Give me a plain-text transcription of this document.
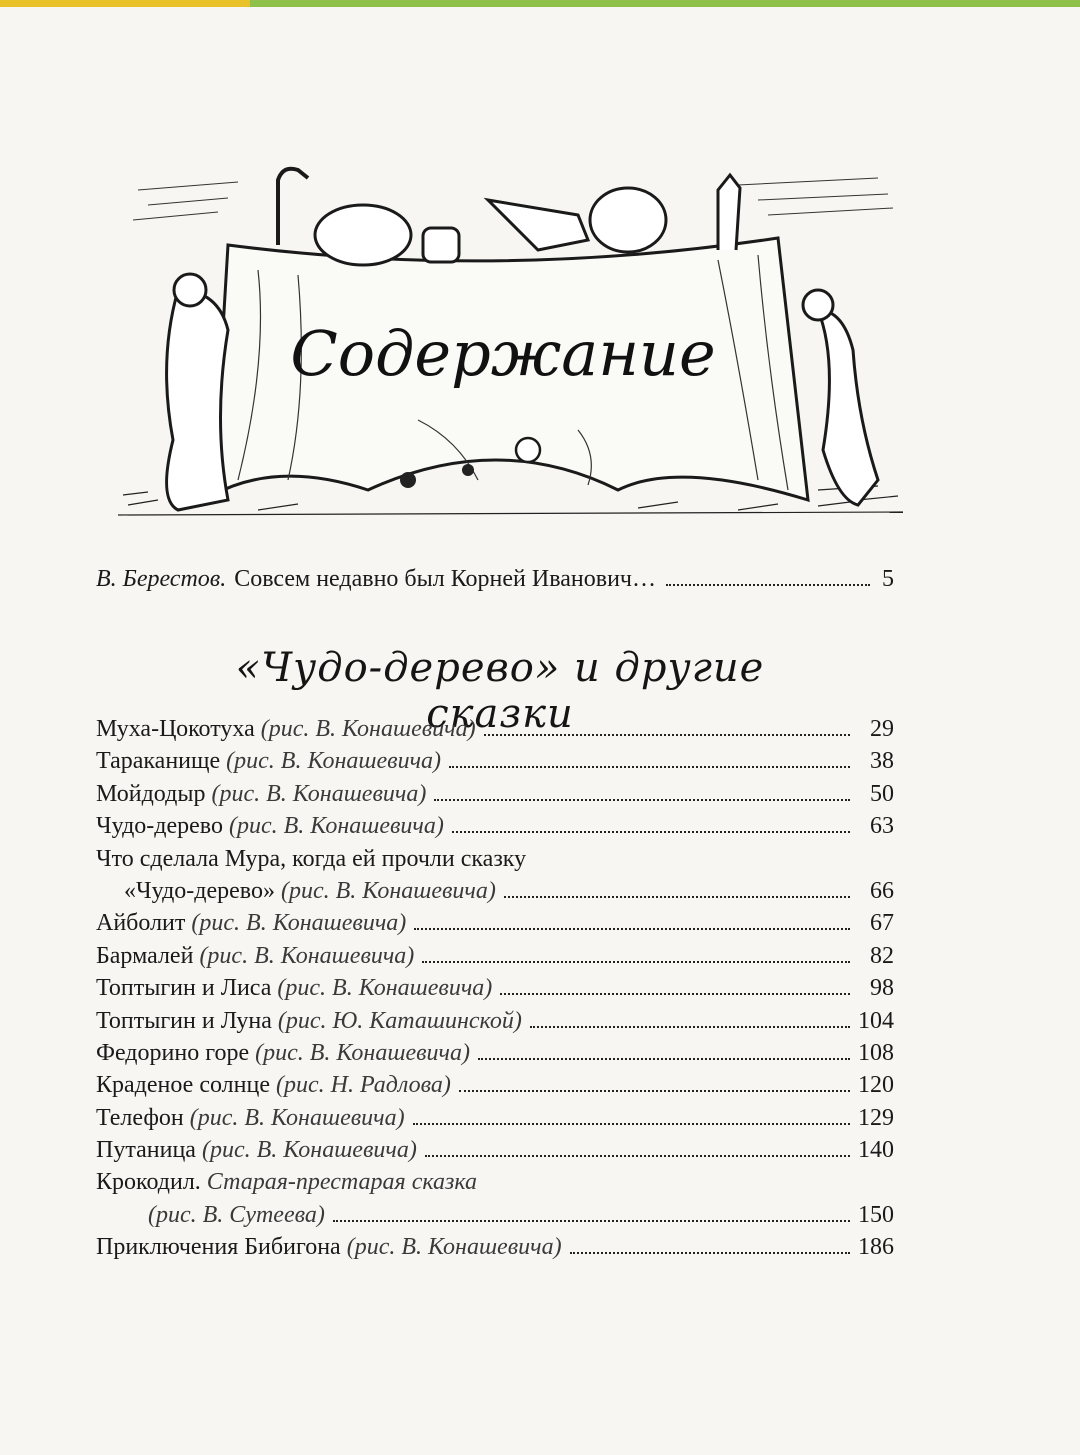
Содержание
В. Берестов. Совсем недавно был Корней Иванович…	5
«Чудо-дерево» и другие сказки
Муха-Цокотуха (рис. В. Конашевича)	29
Тараканище (рис. В. Конашевича)	38
Мойдодыр (рис. В. Конашевича)	50
Чудо-дерево (рис. В. Конашевича)	63
Что сделала Мура, когда ей прочли сказку
«Чудо-дерево» (рис. В. Конашевича)	66
Айболит (рис. В. Конашевича)	67
Бармалей (рис. В. Конашевича)	82
Топтыгин и Лиса (рис. В. Конашевича)	98
Топтыгин и Луна (рис. Ю. Каташинской)	104
Федорино горе (рис. В. Конашевича)	108
Краденое солнце (рис. Н. Радлова)	120
Телефон (рис. В. Конашевича)	129
Путаница (рис. В. Конашевича)	140
Крокодил. Старая-престарая сказка
(рис. В. Сутеева)	150
Приключения Бибигона (рис. В. Конашевича)	186
